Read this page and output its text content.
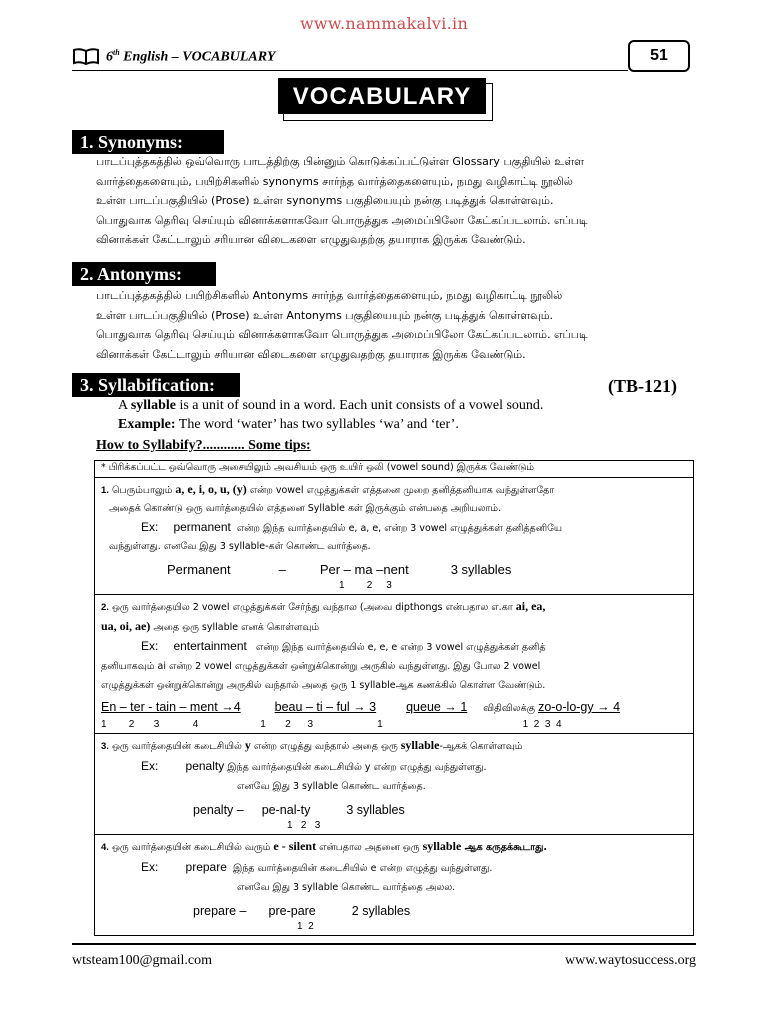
www.nammakalvi.in
6th English – VOCABULARY	51
VOCABULARY
1. Synonyms:
பாடப்புத்தகத்தில் ஒவ்வொரு பாடத்திற்கு பின்னும் கொடுக்கப்பட்டுள்ள Glossary பகுதியில் உள்ள
வார்த்தைகளையும், பயிற்சிகளில் synonyms சார்ந்த வார்த்தைகளையும், நமது வழிகாட்டி நூலில்
உள்ள பாடப்பகுதியில் (Prose) உள்ள synonyms பகுதியையும் நன்கு படித்துக் கொள்ளவும்.
பொதுவாக தெரிவு செய்யும் வினாக்களாகவோ பொருத்துக அமைப்பிலோ கேட்கப்படலாம். எப்படி
வினாக்கள் கேட்டாலும் சரியான விடைகளை எழுதுவதற்கு தயாராக இருக்க வேண்டும்.
2. Antonyms:
பாடப்புத்தகத்தில் பயிற்சிகளில் Antonyms சார்ந்த வார்த்தைகளையும், நமது வழிகாட்டி நூலில்
உள்ள பாடப்பகுதியில் (Prose) உள்ள Antonyms பகுதியையும் நன்கு படித்துக் கொள்ளவும்.
பொதுவாக தெரிவு செய்யும் வினாக்களாகவோ பொருத்துக அமைப்பிலோ கேட்கப்படலாம். எப்படி
வினாக்கள் கேட்டாலும் சரியான விடைகளை எழுதுவதற்கு தயாராக இருக்க வேண்டும்.
3. Syllabification:	(TB-121)
A syllable is a unit of sound in a word. Each unit consists of a vowel sound.
Example: The word ‘water’ has two syllables ‘wa’ and ‘ter’.
How to Syllabify?............ Some tips:
* பிரிக்கப்பட்ட ஒவ்வொரு அசையிலும் அவசியம் ஒரு உயிர் ஒலி (vowel sound) இருக்க வேண்டும்

1. பெரும்பாலும் a, e, i, o, u, (y) என்ற vowel எழுத்துக்கள் எத்தனை முறை தனித்தனியாக வந்துள்ளதோ
அதைக் கொண்டு ஒரு வார்த்தையில் எத்தனை Syllable கள் இருக்கும் என்பதை அறியலாம்.
Ex: permanent என்ற இந்த வார்த்தையில் e, a, e, என்ற 3 vowel எழுத்துக்கள் தனித்தனியே
வந்துள்ளது. எனவே இது 3 syllable-கள் கொண்ட வார்த்தை.
Permanent	–	Per – ma –nent	3 syllables
1        2     3

2. ஒரு வார்த்தையில 2 vowel எழுத்துக்கள் சேர்ந்து வந்தால (அவை dipthongs என்பதால எ.கா ai, ea,
ua, oi, ae) அதை ஒரு syllable எனக் கொள்ளவும்
Ex: entertainment என்ற இந்த வார்த்தையில் e, e, e என்ற 3 vowel எழுத்துக்கள் தனித்
தனியாகவும் ai என்ற 2 vowel எழுத்துக்கள் ஒன்றுக்கொன்று அருகில் வந்துள்ளது. இது போல 2 vowel
எழுத்துக்கள் ஒன்றுக்கொன்று அருகில் வந்தால் அதை ஒரு 1 syllableஆக கணக்கில் கொள்ள வேண்டும்.
En – ter - tain – ment →4	beau – ti – ful → 3 queue → 1 விதிவிலக்கு zo-o-lo-gy → 4
1        2       3            4	1       2      3	1	1  2  3  4

3. ஒரு வார்த்தையின் கடைசியில் y என்ற எழுத்து வந்தால் அதை ஒரு syllable-ஆகக் கொள்ளவும்
Ex: penalty இந்த வார்த்தையின் கடைசியில் y என்ற எழுத்து வந்துள்ளது.
எனவே இது 3 syllable கொண்ட வார்த்தை.
penalty – pe-nal-ty	3 syllables
1   2   3

4. ஒரு வார்த்தையின் கடைசியில் வரும் e - silent என்பதால அதனை ஒரு syllable ஆக கருதக்கூடாது.
Ex: prepare இந்த வார்த்தையின் கடைசியில் e என்ற எழுத்து வந்துள்ளது.
எனவே இது 3 syllable கொண்ட வார்த்தை அலல.
prepare – pre-pare	2 syllables
1  2
wtsteam100@gmail.com	www.waytosuccess.org
